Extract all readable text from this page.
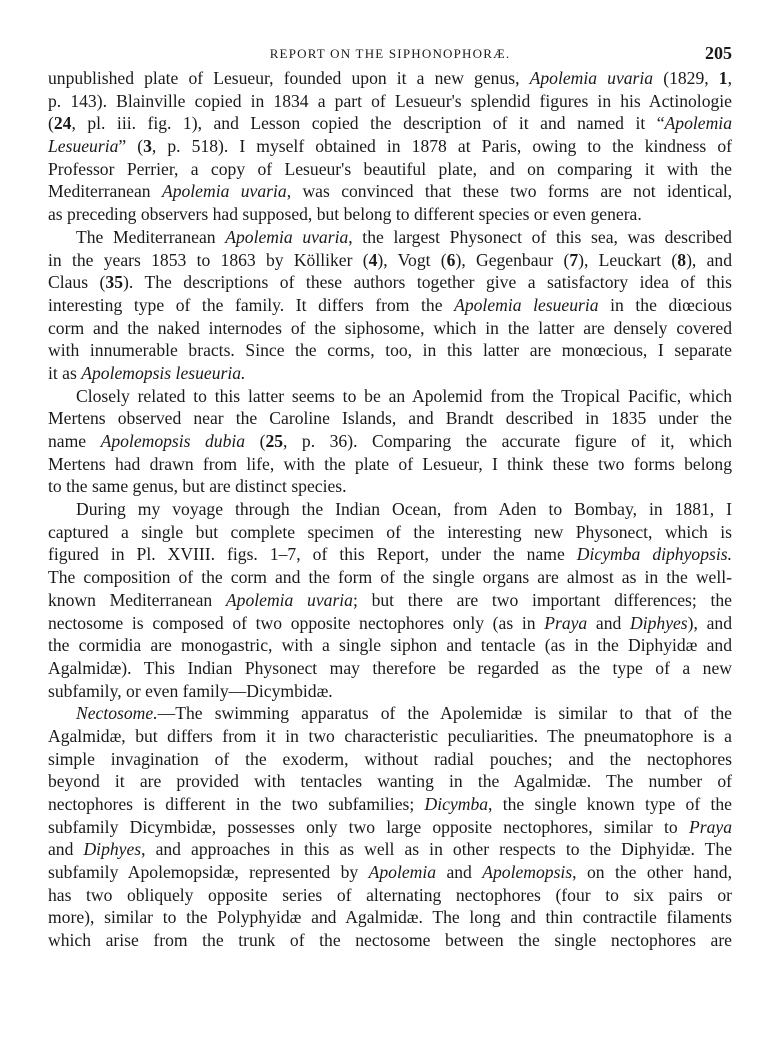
REPORT ON THE SIPHONOPHORÆ.	205
unpublished plate of Lesueur, founded upon it a new genus, Apolemia uvaria (1829, 1,
p. 143). Blainville copied in 1834 a part of Lesueur's splendid figures in his Actinologie
(24, pl. iii. fig. 1), and Lesson copied the description of it and named it “Apolemia
Lesueuria” (3, p. 518). I myself obtained in 1878 at Paris, owing to the kindness of
Professor Perrier, a copy of Lesueur's beautiful plate, and on comparing it with the
Mediterranean Apolemia uvaria, was convinced that these two forms are not identical,
as preceding observers had supposed, but belong to different species or even genera.
The Mediterranean Apolemia uvaria, the largest Physonect of this sea, was described
in the years 1853 to 1863 by Kölliker (4), Vogt (6), Gegenbaur (7), Leuckart (8), and
Claus (35). The descriptions of these authors together give a satisfactory idea of this
interesting type of the family. It differs from the Apolemia lesueuria in the diœcious
corm and the naked internodes of the siphosome, which in the latter are densely covered
with innumerable bracts. Since the corms, too, in this latter are monœcious, I separate
it as Apolemopsis lesueuria.
Closely related to this latter seems to be an Apolemid from the Tropical Pacific, which
Mertens observed near the Caroline Islands, and Brandt described in 1835 under the
name Apolemopsis dubia (25, p. 36). Comparing the accurate figure of it, which
Mertens had drawn from life, with the plate of Lesueur, I think these two forms belong
to the same genus, but are distinct species.
During my voyage through the Indian Ocean, from Aden to Bombay, in 1881, I
captured a single but complete specimen of the interesting new Physonect, which is
figured in Pl. XVIII. figs. 1–7, of this Report, under the name Dicymba diphyopsis.
The composition of the corm and the form of the single organs are almost as in the well-
known Mediterranean Apolemia uvaria; but there are two important differences; the
nectosome is composed of two opposite nectophores only (as in Praya and Diphyes), and
the cormidia are monogastric, with a single siphon and tentacle (as in the Diphyidæ and
Agalmidæ). This Indian Physonect may therefore be regarded as the type of a new
subfamily, or even family—Dicymbidæ.
Nectosome.—The swimming apparatus of the Apolemidæ is similar to that of the
Agalmidæ, but differs from it in two characteristic peculiarities. The pneumatophore is a
simple invagination of the exoderm, without radial pouches; and the nectophores
beyond it are provided with tentacles wanting in the Agalmidæ. The number of
nectophores is different in the two subfamilies; Dicymba, the single known type of the
subfamily Dicymbidæ, possesses only two large opposite nectophores, similar to Praya
and Diphyes, and approaches in this as well as in other respects to the Diphyidæ. The
subfamily Apolemopsidæ, represented by Apolemia and Apolemopsis, on the other hand,
has two obliquely opposite series of alternating nectophores (four to six pairs or
more), similar to the Polyphyidæ and Agalmidæ. The long and thin contractile filaments
which arise from the trunk of the nectosome between the single nectophores are
